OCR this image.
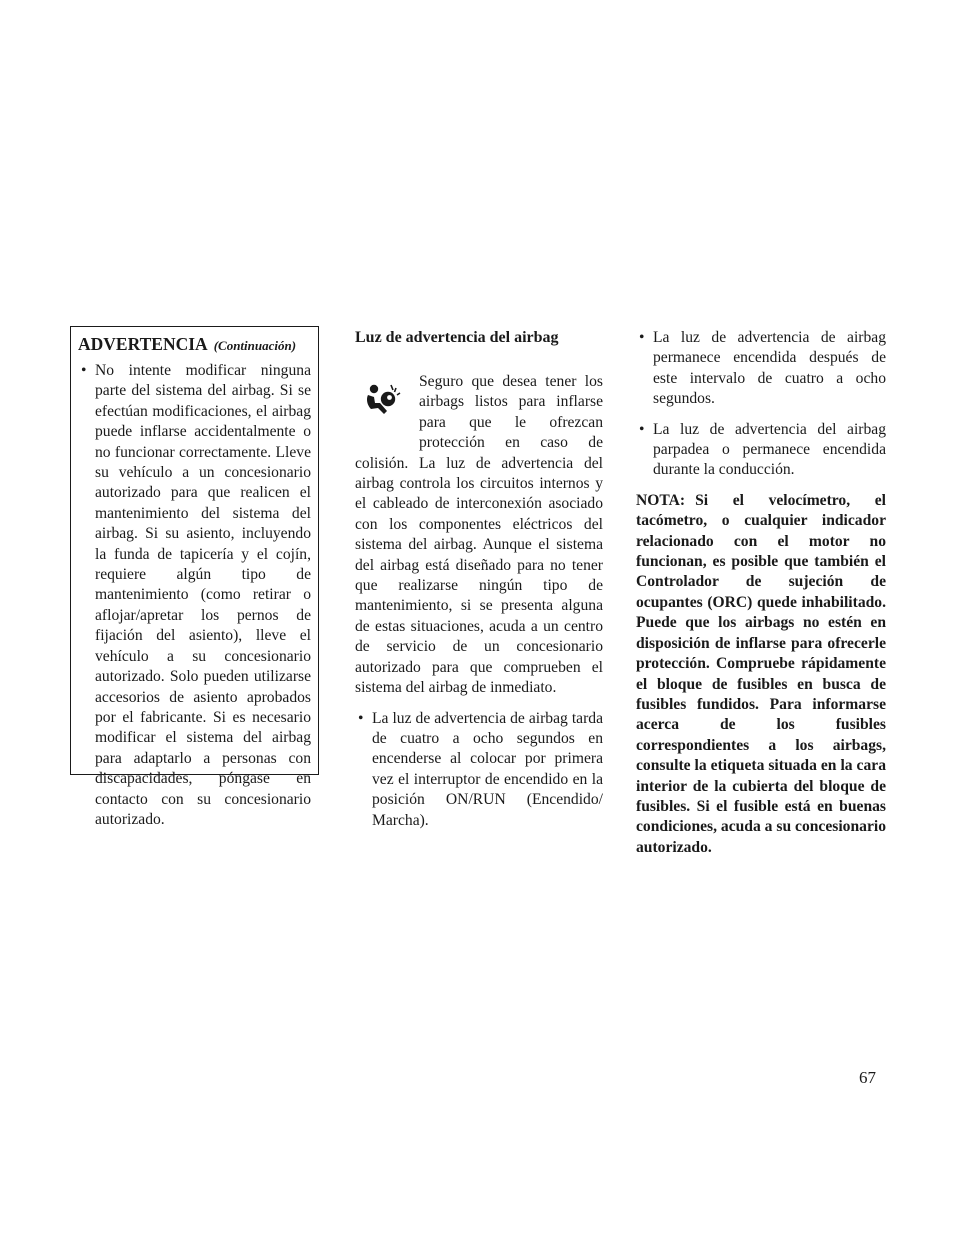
ADVERTENCIA (Continuación)

• No intente modificar ninguna parte del sistema del airbag. Si se efectúan modificaciones, el airbag puede inflarse accidentalmente o no funcionar correctamente. Lleve su vehículo a un concesionario autorizado para que realicen el mantenimiento del sistema del airbag. Si su asiento, incluyendo la funda de tapicería y el cojín, requiere algún tipo de mantenimiento (como retirar o aflojar/apretar los pernos de fijación del asiento), lleve el vehículo a su concesionario autorizado. Solo pueden utilizarse accesorios de asiento aprobados por el fabricante. Si es necesario modificar el sistema del airbag para adaptarlo a personas con discapacidades, póngase en contacto con su concesionario autorizado.

Luz de advertencia del airbag

Seguro que desea tener los airbags listos para inflarse para que le ofrezcan protección en caso de colisión. La luz de advertencia del airbag controla los circuitos internos y el cableado de interconexión asociado con los componentes eléctricos del sistema del airbag. Aunque el sistema del airbag está diseñado para no tener que realizarse ningún tipo de mantenimiento, si se presenta alguna de estas situaciones, acuda a un centro de servicio de un concesionario autorizado para que comprueben el sistema del airbag de inmediato.

• La luz de advertencia de airbag tarda de cuatro a ocho segundos en encenderse al colocar por primera vez el interruptor de encendido en la posición ON/RUN (Encendido/ Marcha).

• La luz de advertencia de airbag permanece encendida después de este intervalo de cuatro a ocho segundos.

• La luz de advertencia del airbag parpadea o permanece encendida durante la conducción.

NOTA: Si el velocímetro, el tacómetro, o cualquier indicador relacionado con el motor no funcionan, es posible que también el Controlador de sujeción de ocupantes (ORC) quede inhabilitado. Puede que los airbags no estén en disposición de inflarse para ofrecerle protección. Compruebe rápidamente el bloque de fusibles en busca de fusibles fundidos. Para informarse acerca de los fusibles correspondientes a los airbags, consulte la etiqueta situada en la cara interior de la cubierta del bloque de fusibles. Si el fusible está en buenas condiciones, acuda a su concesionario autorizado.

67
